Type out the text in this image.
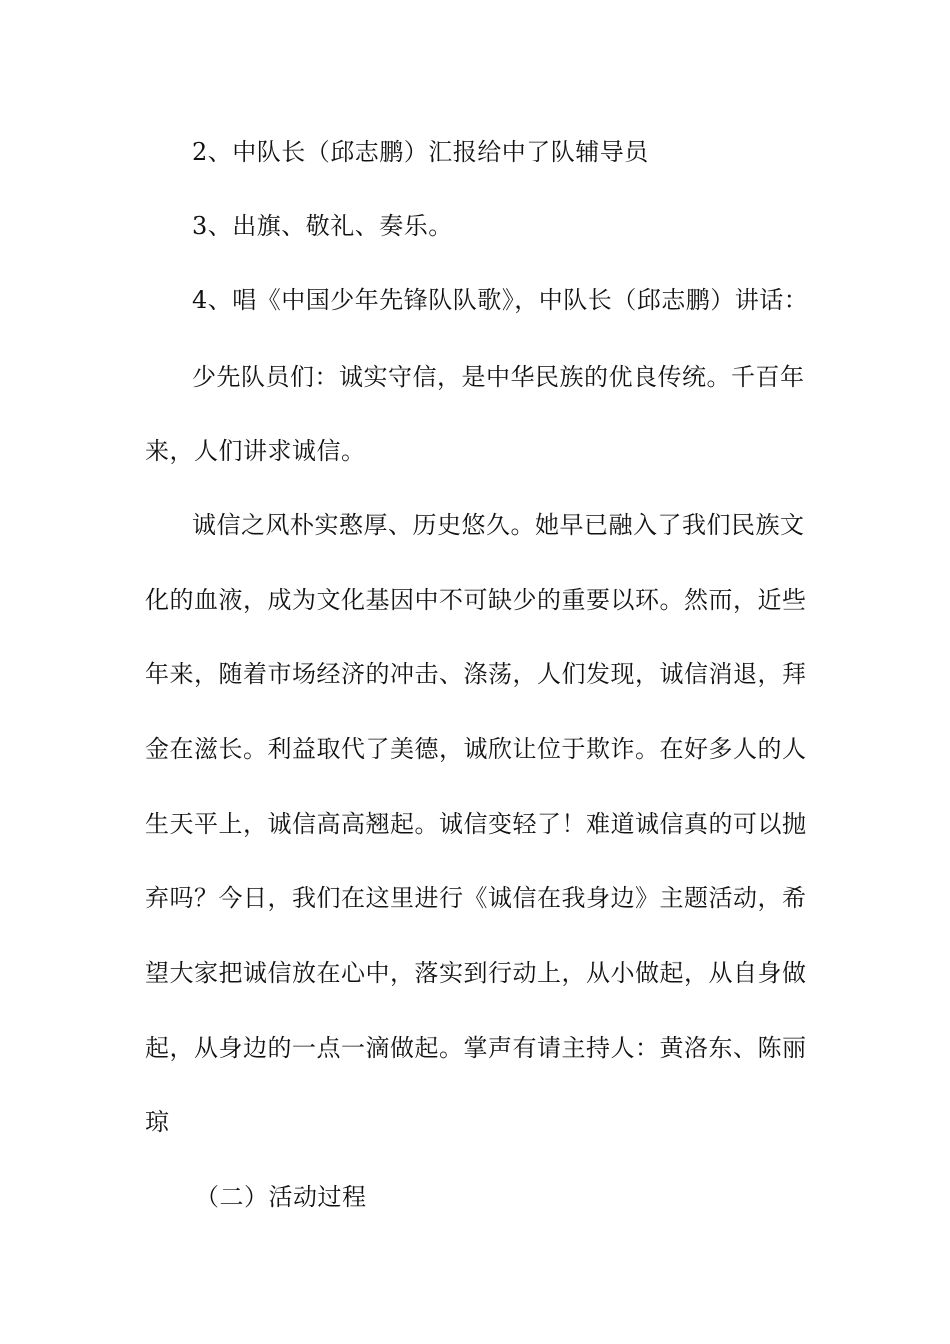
2、中队长（邱志鹏）汇报给中了队辅导员
3、出旗、敬礼、奏乐。
4、唱《中国少年先锋队队歌》，中队长（邱志鹏）讲话：
少先队员们：诚实守信，是中华民族的优良传统。千百年
来，人们讲求诚信。
诚信之风朴实憨厚、历史悠久。她早已融入了我们民族文
化的血液，成为文化基因中不可缺少的重要以环。然而，近些
年来，随着市场经济的冲击、涤荡，人们发现，诚信消退，拜
金在滋长。利益取代了美德，诚欣让位于欺诈。在好多人的人
生天平上，诚信高高翘起。诚信变轻了！难道诚信真的可以抛
弃吗？今日，我们在这里进行《诚信在我身边》主题活动，希
望大家把诚信放在心中，落实到行动上，从小做起，从自身做
起，从身边的一点一滴做起。掌声有请主持人：黄洛东、陈丽
琼
（二）活动过程
